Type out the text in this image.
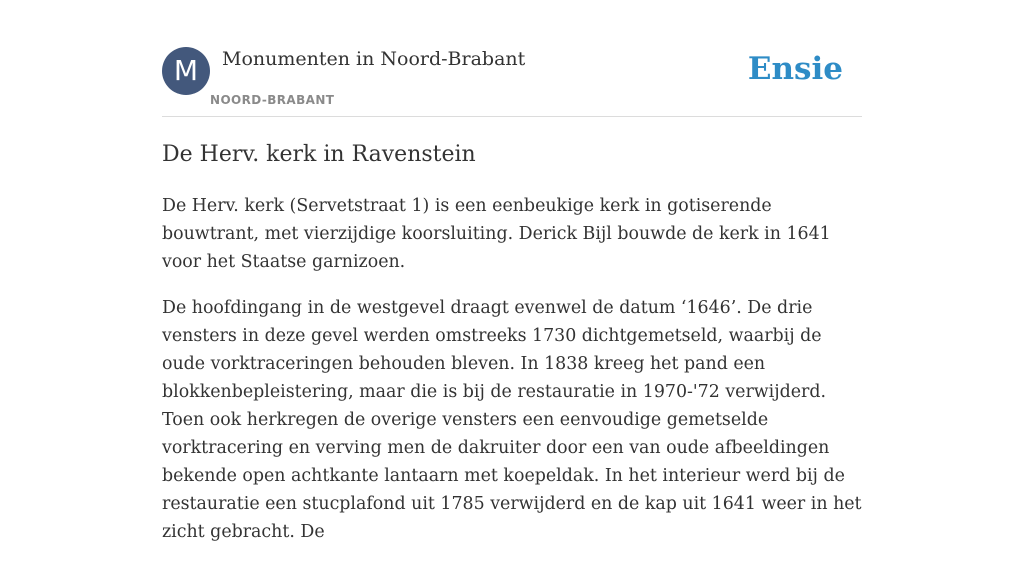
M	Monumenten in Noord-Brabant
NOORD-BRABANT
Ensie
De Herv. kerk in Ravenstein

De Herv. kerk (Servetstraat 1) is een eenbeukige kerk in gotiserende bouwtrant, met vierzijdige koorsluiting. Derick Bijl bouwde de kerk in 1641 voor het Staatse garnizoen.

De hoofdingang in de westgevel draagt evenwel de datum ‘1646’. De drie vensters in deze gevel werden omstreeks 1730 dichtgemetseld, waarbij de oude vorktraceringen behouden bleven. In 1838 kreeg het pand een blokkenbepleistering, maar die is bij de restauratie in 1970-'72 verwijderd. Toen ook herkregen de overige vensters een eenvoudige gemetselde vorktracering en verving men de dakruiter door een van oude afbeeldingen bekende open achtkante lantaarn met koepeldak. In het interieur werd bij de restauratie een stucplafond uit 1785 verwijderd en de kap uit 1641 weer in het zicht gebracht. De
